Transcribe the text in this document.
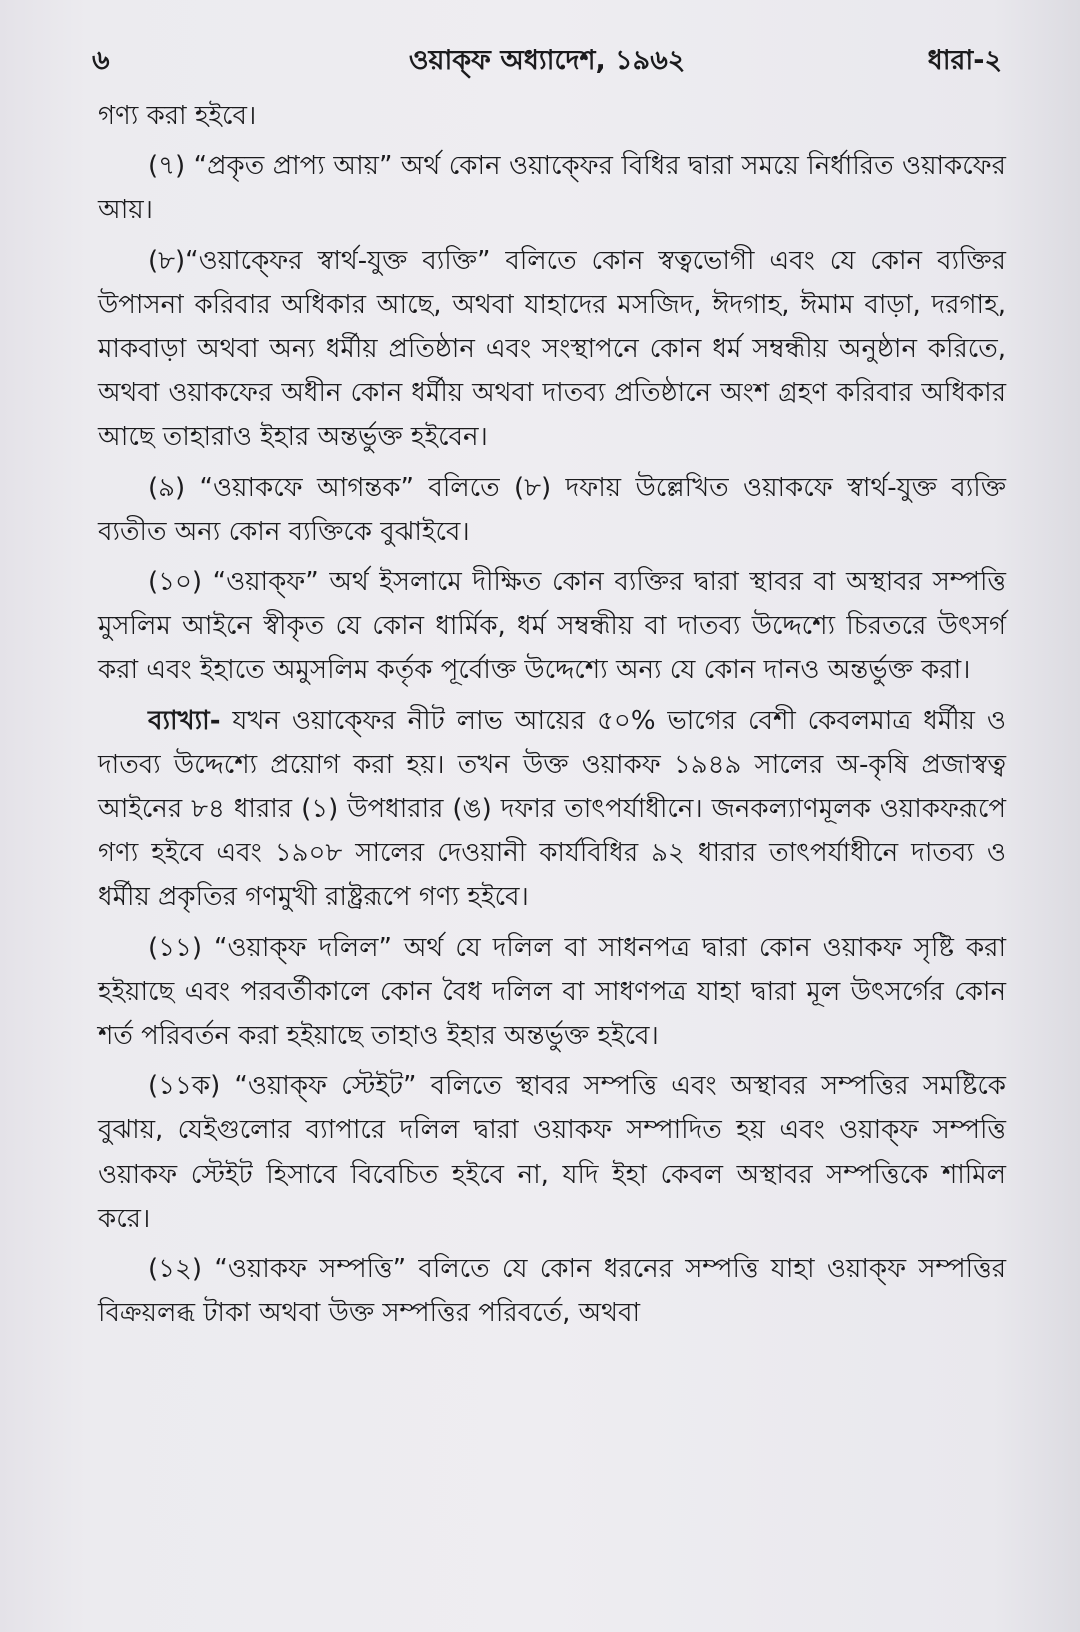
৬	ওয়াক্ফ অধ্যাদেশ, ১৯৬২	ধারা-২

গণ্য করা হইবে।

(৭) “প্রকৃত প্রাপ্য আয়” অর্থ কোন ওয়াক্ফের বিধির দ্বারা সময়ে নির্ধারিত ওয়াকফের আয়।

(৮)“ওয়াক্ফের স্বার্থ-যুক্ত ব্যক্তি” বলিতে কোন স্বত্বভোগী এবং যে কোন ব্যক্তির উপাসনা করিবার অধিকার আছে, অথবা যাহাদের মসজিদ, ঈদগাহ, ঈমাম বাড়া, দরগাহ, মাকবাড়া অথবা অন্য ধর্মীয় প্রতিষ্ঠান এবং সংস্থাপনে কোন ধর্ম সম্বন্ধীয় অনুষ্ঠান করিতে, অথবা ওয়াকফের অধীন কোন ধর্মীয় অথবা দাতব্য প্রতিষ্ঠানে অংশ গ্রহণ করিবার অধিকার আছে তাহারাও ইহার অন্তর্ভুক্ত হইবেন।

(৯) “ওয়াকফে আগন্তক” বলিতে (৮) দফায় উল্লেখিত ওয়াকফে স্বার্থ-যুক্ত ব্যক্তি ব্যতীত অন্য কোন ব্যক্তিকে বুঝাইবে।

(১০) “ওয়াক্ফ” অর্থ ইসলামে দীক্ষিত কোন ব্যক্তির দ্বারা স্থাবর বা অস্থাবর সম্পত্তি মুসলিম আইনে স্বীকৃত যে কোন ধার্মিক, ধর্ম সম্বন্ধীয় বা দাতব্য উদ্দেশ্যে চিরতরে উৎসর্গ করা এবং ইহাতে অমুসলিম কর্তৃক পূর্বোক্ত উদ্দেশ্যে অন্য যে কোন দানও অন্তর্ভুক্ত করা।

ব্যাখ্যা- যখন ওয়াক্ফের নীট লাভ আয়ের ৫০% ভাগের বেশী কেবলমাত্র ধর্মীয় ও দাতব্য উদ্দেশ্যে প্রয়োগ করা হয়। তখন উক্ত ওয়াকফ ১৯৪৯ সালের অ-কৃষি প্রজাস্বত্ব আইনের ৮৪ ধারার (১) উপধারার (ঙ) দফার তাৎপর্যাধীনে। জনকল্যাণমূলক ওয়াকফরূপে গণ্য হইবে এবং ১৯০৮ সালের দেওয়ানী কার্যবিধির ৯২ ধারার তাৎপর্যাধীনে দাতব্য ও ধর্মীয় প্রকৃতির গণমুখী রাষ্ট্ররূপে গণ্য হইবে।

(১১) “ওয়াক্ফ দলিল” অর্থ যে দলিল বা সাধনপত্র দ্বারা কোন ওয়াকফ সৃষ্টি করা হইয়াছে এবং পরবর্তীকালে কোন বৈধ দলিল বা সাধণপত্র যাহা দ্বারা মূল উৎসর্গের কোন শর্ত পরিবর্তন করা হইয়াছে তাহাও ইহার অন্তর্ভুক্ত হইবে।

(১১ক) “ওয়াক্ফ স্টেইট” বলিতে স্থাবর সম্পত্তি এবং অস্থাবর সম্পত্তির সমষ্টিকে বুঝায়, যেইগুলোর ব্যাপারে দলিল দ্বারা ওয়াকফ সম্পাদিত হয় এবং ওয়াক্ফ সম্পত্তি ওয়াকফ স্টেইট হিসাবে বিবেচিত হইবে না, যদি ইহা কেবল অস্থাবর সম্পত্তিকে শামিল করে।

(১২) “ওয়াকফ সম্পত্তি” বলিতে যে কোন ধরনের সম্পত্তি যাহা ওয়াক্ফ সম্পত্তির বিক্রয়লব্ধ টাকা অথবা উক্ত সম্পত্তির পরিবর্তে, অথবা
